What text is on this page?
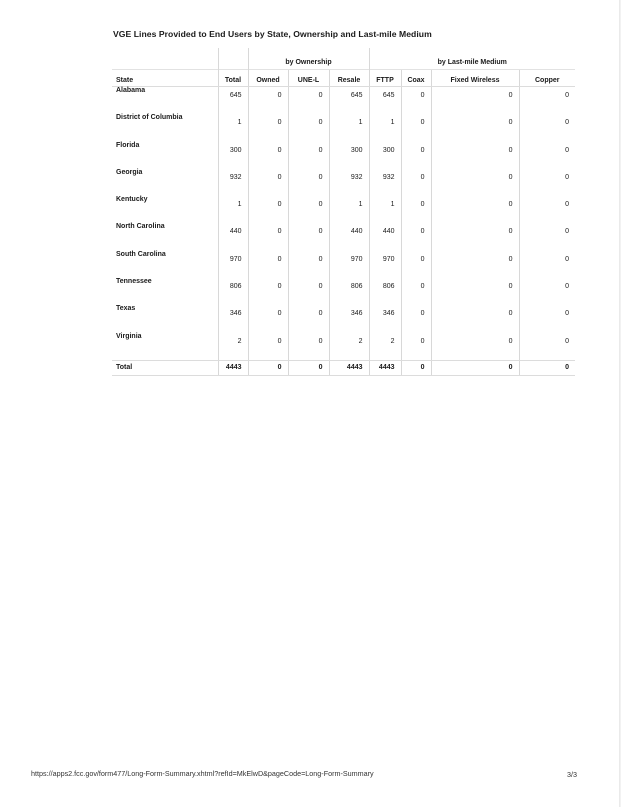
VGE Lines Provided to End Users by State, Ownership and Last-mile Medium
		by Ownership			by Last-mile Medium			
State	Total	Owned	UNE-L	Resale	FTTP	Coax	Fixed Wireless	Copper
Alabama	645	0	0	645	645	0	0	0
District of Columbia	1	0	0	1	1	0	0	0
Florida	300	0	0	300	300	0	0	0
Georgia	932	0	0	932	932	0	0	0
Kentucky	1	0	0	1	1	0	0	0
North Carolina	440	0	0	440	440	0	0	0
South Carolina	970	0	0	970	970	0	0	0
Tennessee	806	0	0	806	806	0	0	0
Texas	346	0	0	346	346	0	0	0
Virginia	2	0	0	2	2	0	0	0
Total	4443	0	0	4443	4443	0	0	0
https://apps2.fcc.gov/form477/Long-Form-Summary.xhtml?refId=MkElwD&pageCode=Long-Form-Summary	3/3
